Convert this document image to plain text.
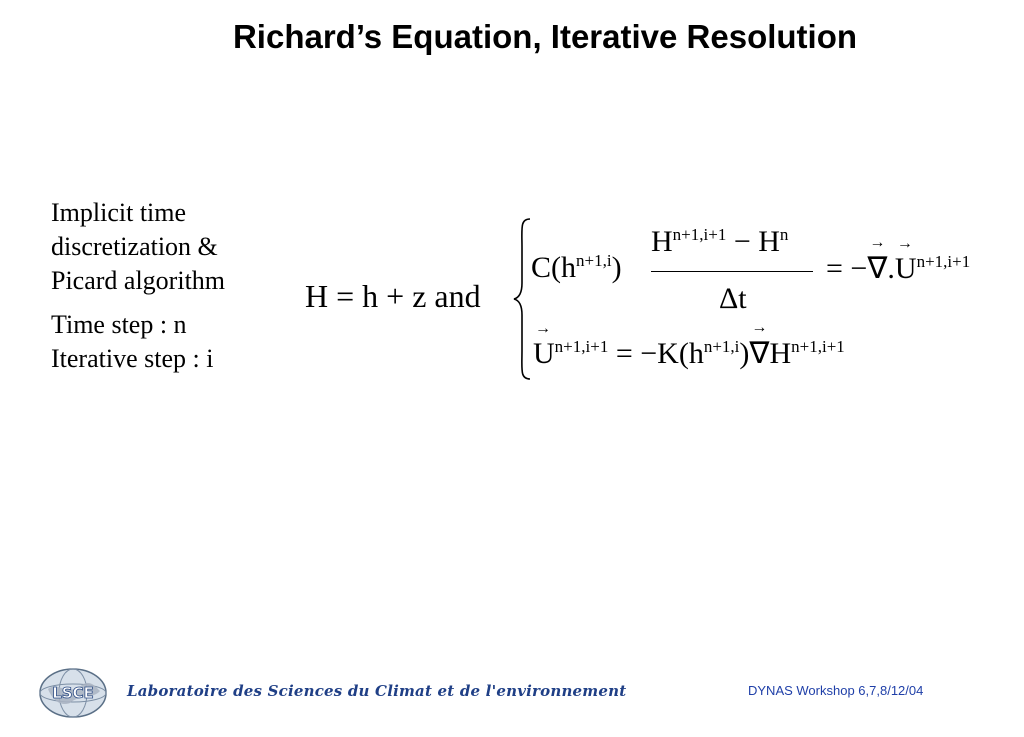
Richard’s Equation, Iterative Resolution
Implicit time
discretization &
Picard algorithm
Time step : n
Iterative step : i
H = h + z and
$C(h^{n+1,i})$
$H^{n+1,i+1} - H^n$
Δt
= −→ ∇.→ $U^{n+1,i+1}$
→ $U^{n+1,i+1} = -K(h^{n+1,i})\to \nabla H^{n+1,i+1}$
LSCE Laboratoire des Sciences du Climat et de l'environnement	DYNAS Workshop 6,7,8/12/04
